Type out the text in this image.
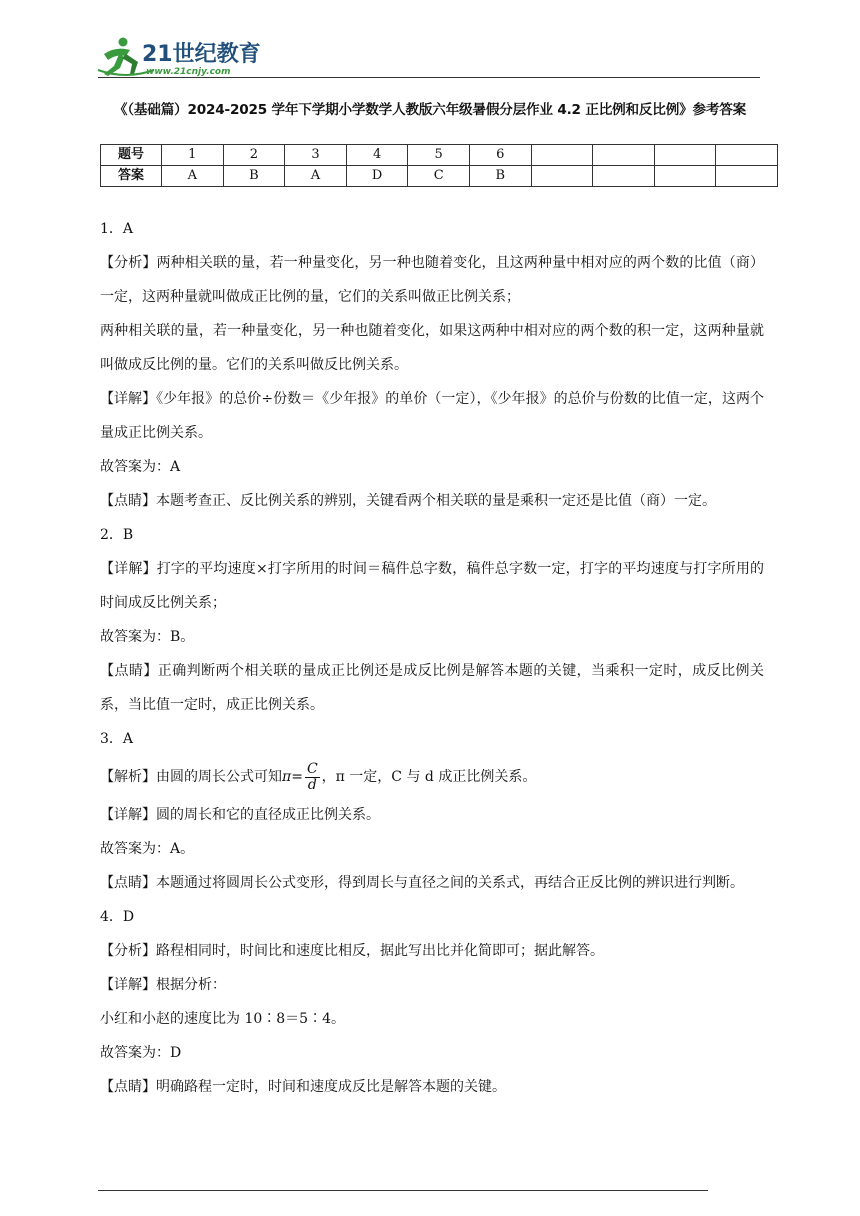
21世纪教育
www.21cnjy.com
《（基础篇）2024-2025 学年下学期小学数学人教版六年级暑假分层作业 4.2 正比例和反比例》参考答案
题号	1	2	3	4	5	6				
答案	A	B	A	D	C	B				

1．A

【分析】两种相关联的量，若一种量变化，另一种也随着变化，且这两种量中相对应的两个数的比值（商）一定，这两种量就叫做成正比例的量，它们的关系叫做正比例关系；

两种相关联的量，若一种量变化，另一种也随着变化，如果这两种中相对应的两个数的积一定，这两种量就叫做成反比例的量。它们的关系叫做反比例关系。

【详解】《少年报》的总价÷份数＝《少年报》的单价（一定），《少年报》的总价与份数的比值一定，这两个量成正比例关系。

故答案为：A

【点睛】本题考查正、反比例关系的辨别，关键看两个相关联的量是乘积一定还是比值（商）一定。

2．B

【详解】打字的平均速度×打字所用的时间＝稿件总字数，稿件总字数一定，打字的平均速度与打字所用的时间成反比例关系；

故答案为：B。

【点睛】正确判断两个相关联的量成正比例还是成反比例是解答本题的关键，当乘积一定时，成反比例关系，当比值一定时，成正比例关系。

3．A

【解析】由圆的周长公式可知$\pi= \frac{C}{d}$ ，π 一定，C 与 d 成正比例关系。

【详解】圆的周长和它的直径成正比例关系。

故答案为：A。

【点睛】本题通过将圆周长公式变形，得到周长与直径之间的关系式，再结合正反比例的辨识进行判断。

4．D

【分析】路程相同时，时间比和速度比相反，据此写出比并化简即可；据此解答。

【详解】根据分析：

小红和小赵的速度比为 10∶8＝5∶4。

故答案为：D

【点睛】明确路程一定时，时间和速度成反比是解答本题的关键。
